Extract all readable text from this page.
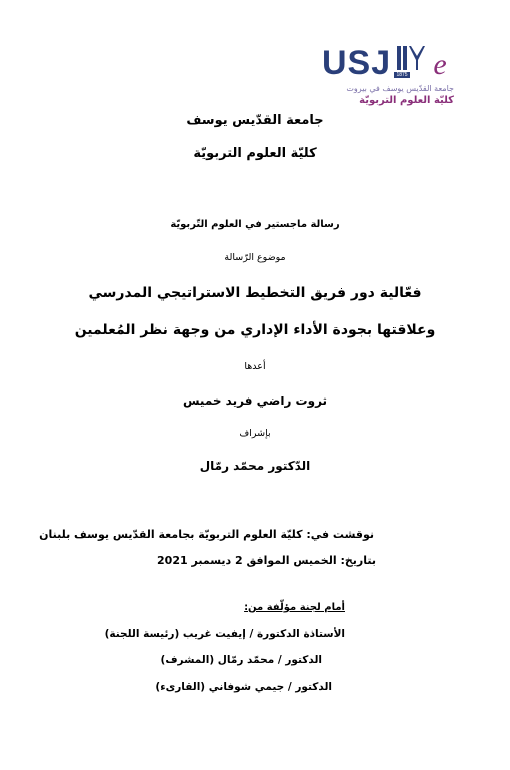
USJ	1875 e
جامعة القدّيس يوسف في بيروت
كليّة العلوم التربويّة
جامعة القدّيس يوسف
كليّة العلوم التربويّة
رسالة ماجستير في العلوم التّربويّة
موضوع الرّسالة
فعّالية دور فريق التخطيط الاستراتيجي المدرسي
وعلاقتها بجودة الأداء الإداري من وجهة نظر المُعلمين
أعدها
ثروت راضي فريد خميس
بإشراف
الدّكتور محمّد رمّال
نوقشت في: كليّة العلوم التربويّة بجامعة القدّيس يوسف بلبنان
بتاريخ: الخميس الموافق 2 ديسمبر 2021
أمام لجنة مؤلّفة من:
الأستاذة الدكتورة / إيفيت غريب (رئيسة اللجنة)
الدكتور / محمّد رمّال (المشرف)
الدكتور / جيمي شوفاني (القارىء)
